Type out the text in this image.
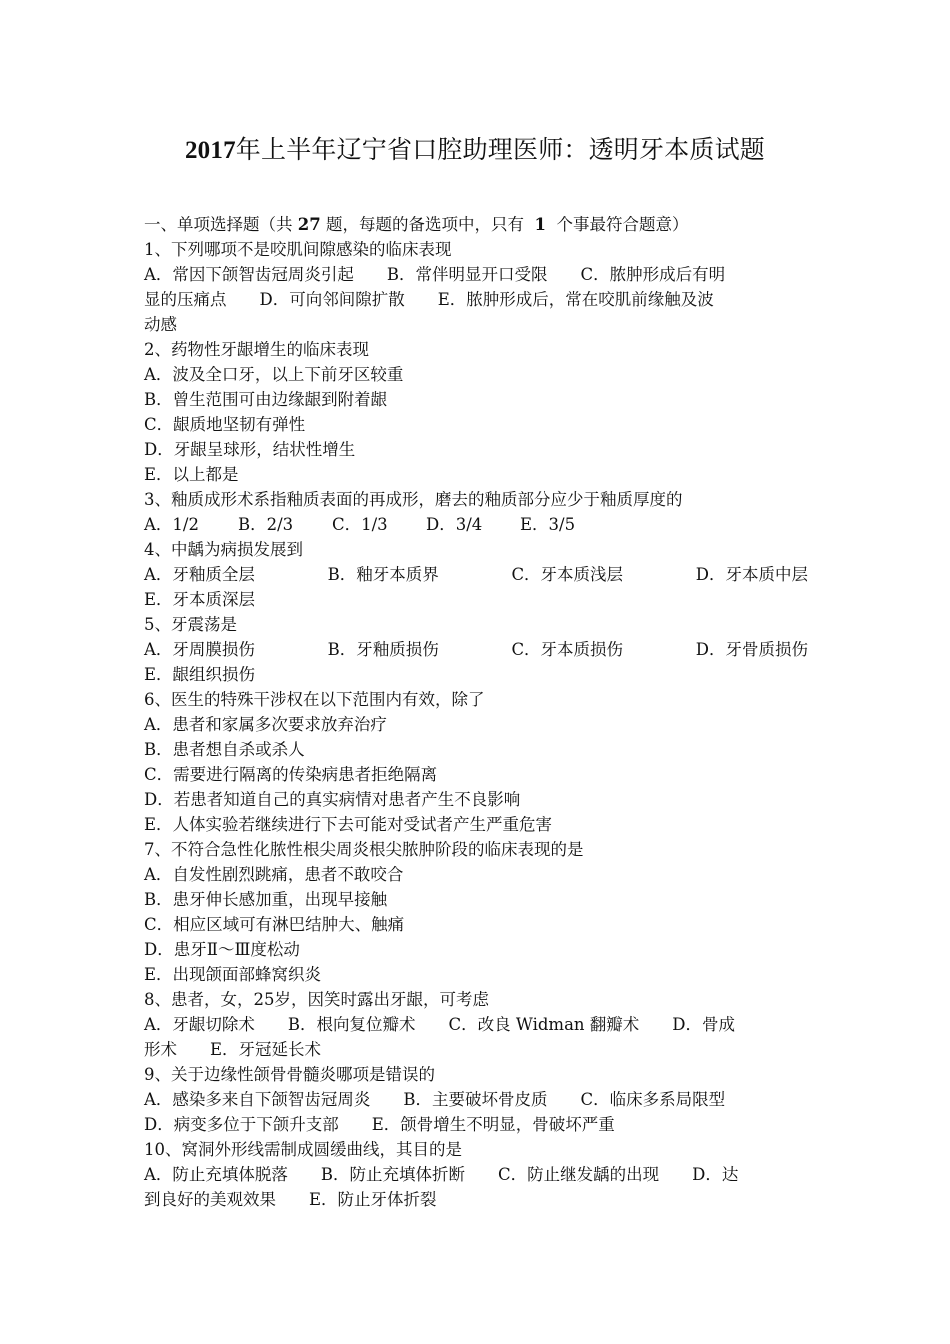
2017年上半年辽宁省口腔助理医师：透明牙本质试题
一、单项选择题（共 27 题，每题的备选项中，只有 1 个事最符合题意）
1、下列哪项不是咬肌间隙感染的临床表现
A．常因下颌智齿冠周炎引起　　B．常伴明显开口受限　　C．脓肿形成后有明
显的压痛点　　D．可向邻间隙扩散　　E．脓肿形成后，常在咬肌前缘触及波
动感
2、药物性牙龈增生的临床表现
A．波及全口牙，以上下前牙区较重
B．曾生范围可由边缘龈到附着龈
C．龈质地坚韧有弹性
D．牙龈呈球形，结状性增生
E．以上都是
3、釉质成形术系指釉质表面的再成形，磨去的釉质部分应少于釉质厚度的
A．1/2	B．2/3	C．1/3	D．3/4	E．3/5
4、中龋为病损发展到
A．牙釉质全层	B．釉牙本质界	C．牙本质浅层	D．牙本质中层
E．牙本质深层
5、牙震荡是
A．牙周膜损伤	B．牙釉质损伤	C．牙本质损伤	D．牙骨质损伤
E．龈组织损伤
6、医生的特殊干涉权在以下范围内有效，除了
A．患者和家属多次要求放弃治疗
B．患者想自杀或杀人
C．需要进行隔离的传染病患者拒绝隔离
D．若患者知道自己的真实病情对患者产生不良影响
E．人体实验若继续进行下去可能对受试者产生严重危害
7、不符合急性化脓性根尖周炎根尖脓肿阶段的临床表现的是
A．自发性剧烈跳痛，患者不敢咬合
B．患牙伸长感加重，出现早接触
C．相应区域可有淋巴结肿大、触痛
D．患牙Ⅱ～Ⅲ度松动
E．出现颌面部蜂窝织炎
8、患者，女，25岁，因笑时露出牙龈，可考虑
A．牙龈切除术　　B．根向复位瓣术　　C．改良 Widman 翻瓣术　　D．骨成
形术　　E．牙冠延长术
9、关于边缘性颌骨骨髓炎哪项是错误的
A．感染多来自下颌智齿冠周炎　　B．主要破坏骨皮质　　C．临床多系局限型
D．病变多位于下颌升支部　　E．颌骨增生不明显，骨破坏严重
10、窝洞外形线需制成圆缓曲线，其目的是
A．防止充填体脱落　　B．防止充填体折断　　C．防止继发龋的出现　　D．达
到良好的美观效果　　E．防止牙体折裂
